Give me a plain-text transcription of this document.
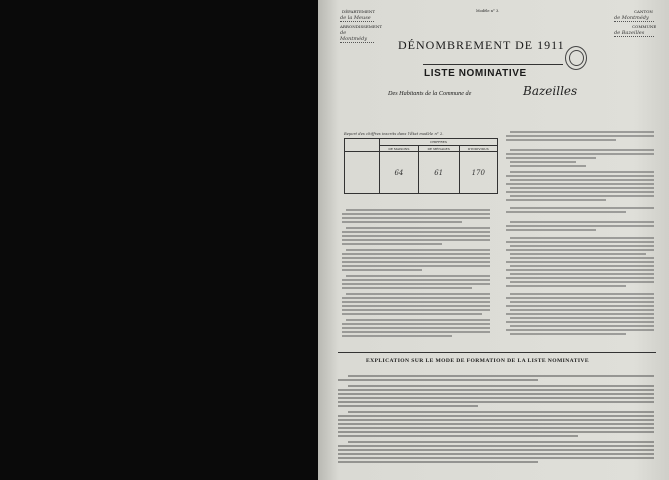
DÉPARTEMENT
de la Meuse
ARRONDISSEMENT
de Montmédy
Modèle n° 3.	CANTON
de Montmédy
COMMUNE
de Bazeilles
DÉNOMBREMENT DE 1911
LISTE NOMINATIVE
Des Habitants de la Commune de	Bazeilles
Report des chiffres inscrits dans l'État modèle n° 2.
	CHIFFRES		
	DE MAISONS	DE MÉNAGES	D'INDIVIDUS
	64	61	170
EXPLICATION SUR LE MODE DE FORMATION DE LA LISTE NOMINATIVE
